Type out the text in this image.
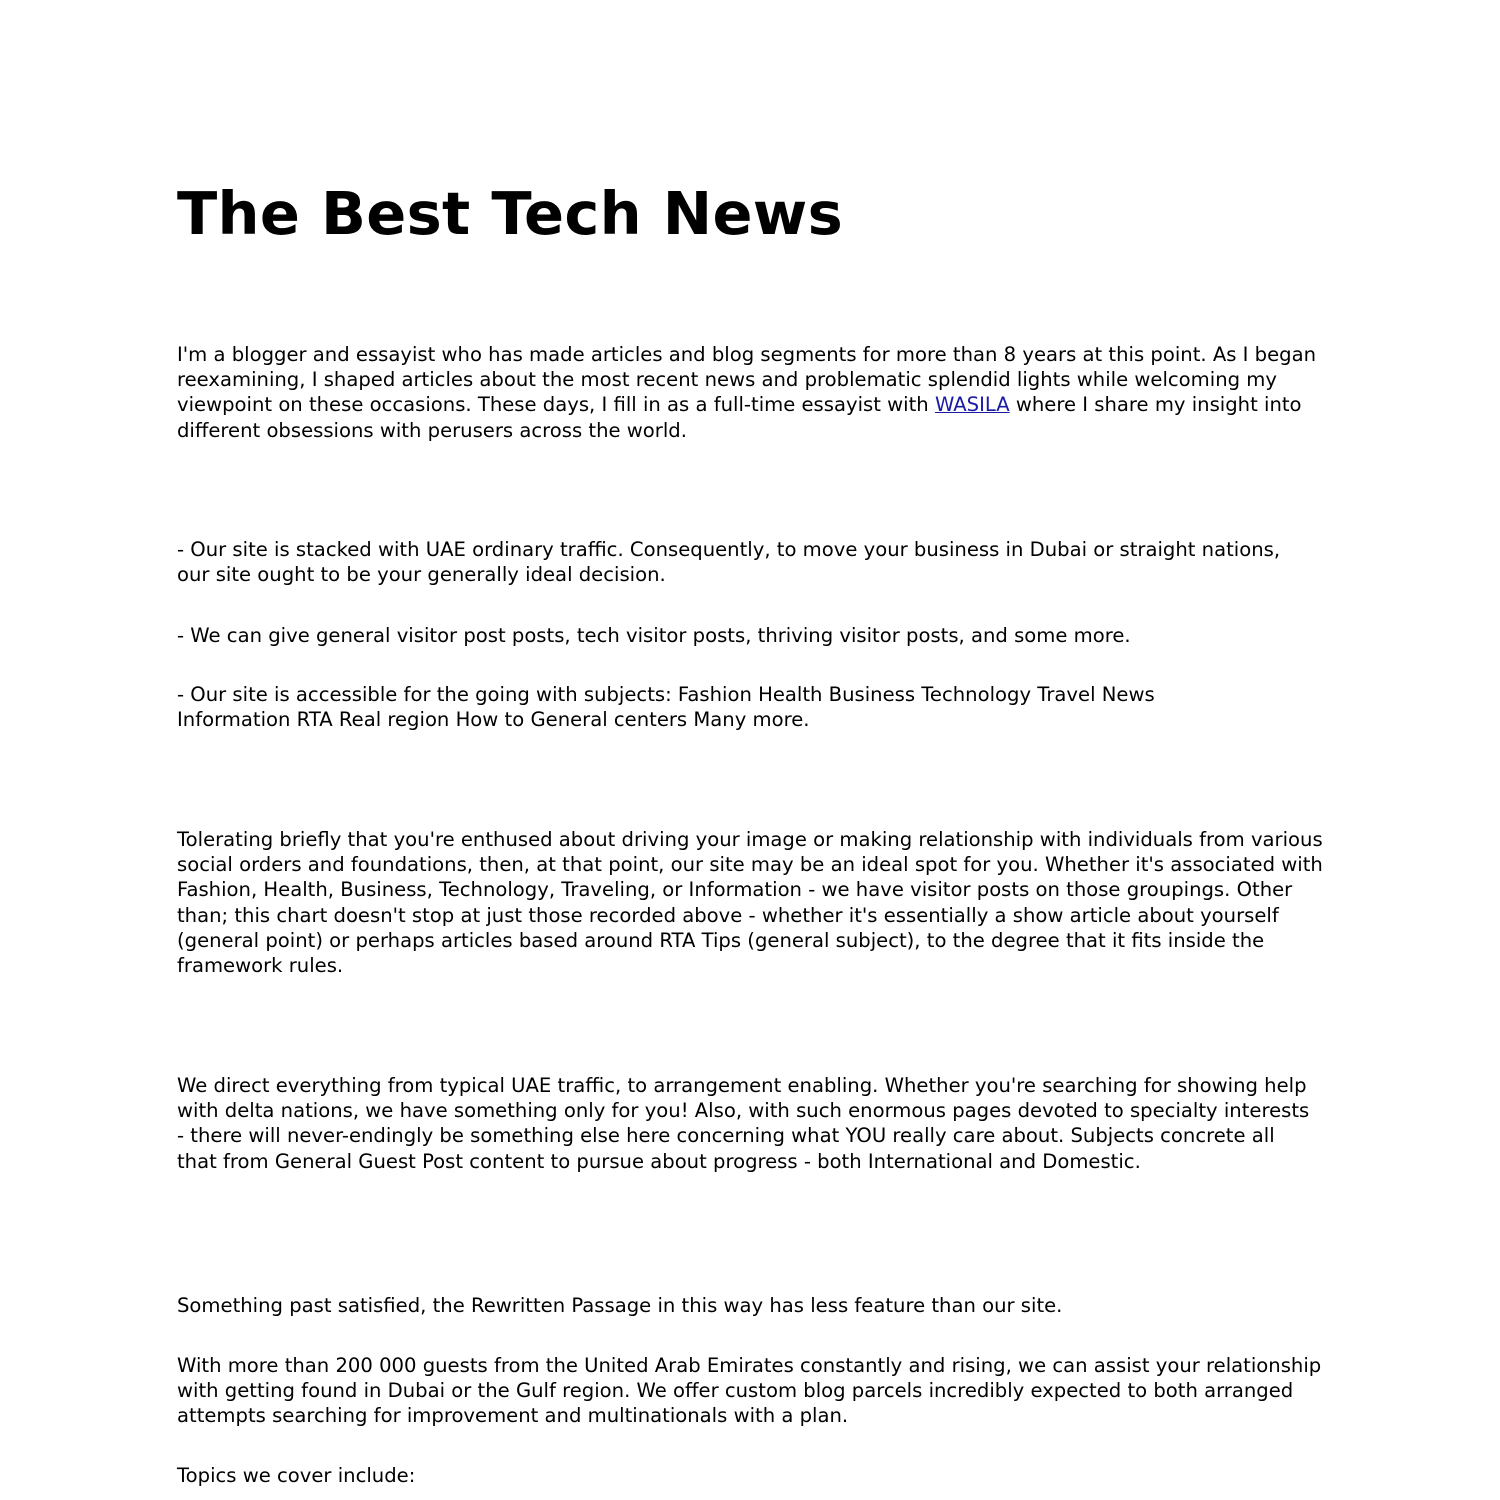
The Best Tech News

I'm a blogger and essayist who has made articles and blog segments for more than 8 years at this point. As I began reexamining, I shaped articles about the most recent news and problematic splendid lights while welcoming my viewpoint on these occasions. These days, I fill in as a full-time essayist with WASILA where I share my insight into different obsessions with perusers across the world.

- Our site is stacked with UAE ordinary traffic. Consequently, to move your business in Dubai or straight nations, our site ought to be your generally ideal decision.

- We can give general visitor post posts, tech visitor posts, thriving visitor posts, and some more.

- Our site is accessible for the going with subjects: Fashion Health Business Technology Travel News Information RTA Real region How to General centers Many more.

Tolerating briefly that you're enthused about driving your image or making relationship with individuals from various social orders and foundations, then, at that point, our site may be an ideal spot for you. Whether it's associated with Fashion, Health, Business, Technology, Traveling, or Information - we have visitor posts on those groupings. Other than; this chart doesn't stop at just those recorded above - whether it's essentially a show article about yourself (general point) or perhaps articles based around RTA Tips (general subject), to the degree that it fits inside the framework rules.

We direct everything from typical UAE traffic, to arrangement enabling. Whether you're searching for showing help with delta nations, we have something only for you! Also, with such enormous pages devoted to specialty interests - there will never-endingly be something else here concerning what YOU really care about. Subjects concrete all that from General Guest Post content to pursue about progress - both International and Domestic.

Something past satisfied, the Rewritten Passage in this way has less feature than our site.

With more than 200 000 guests from the United Arab Emirates constantly and rising, we can assist your relationship with getting found in Dubai or the Gulf region. We offer custom blog parcels incredibly expected to both arranged attempts searching for improvement and multinationals with a plan.

Topics we cover include:
